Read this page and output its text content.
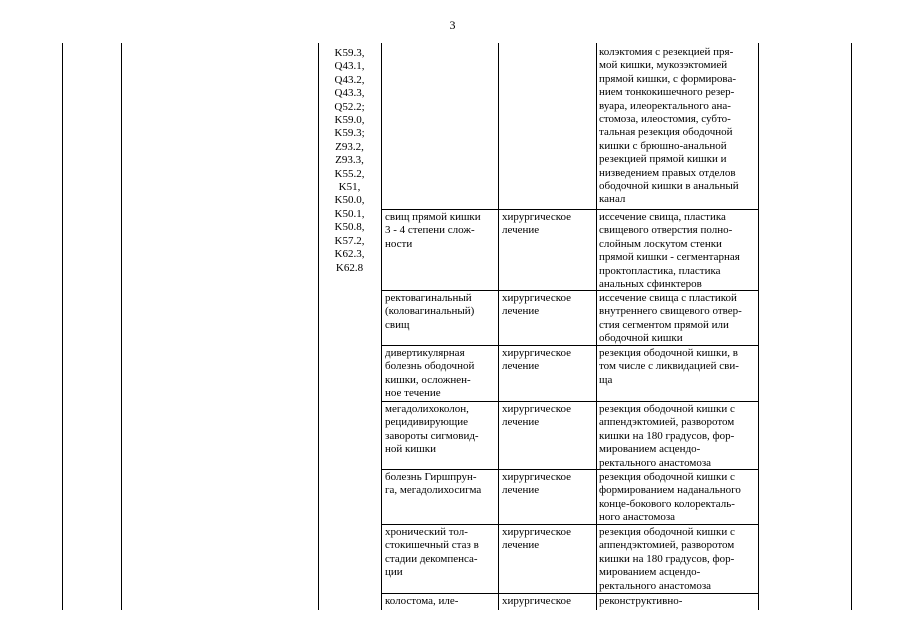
3
K59.3,
Q43.1,
Q43.2,
Q43.3,
Q52.2;
K59.0,
K59.3;
Z93.2,
Z93.3,
K55.2,
K51,
K50.0,
K50.1,
K50.8,
K57.2,
K62.3,
K62.8
колэктомия с резекцией пря-
мой кишки, мукозэктомией
прямой кишки, с формирова-
нием тонкокишечного резер-
вуара, илеоректального ана-
стомоза, илеостомия, субто-
тальная резекция ободочной
кишки с брюшно-анальной
резекцией прямой кишки и
низведением правых отделов
ободочной кишки в анальный
канал
свищ прямой кишки
3 - 4 степени слож-
ности
хирургическое
лечение
иссечение свища, пластика
свищевого отверстия полно-
слойным лоскутом стенки
прямой кишки - сегментарная
проктопластика, пластика
анальных сфинктеров
ректовагинальный
(коловагинальный)
свищ
хирургическое
лечение
иссечение свища с пластикой
внутреннего свищевого отвер-
стия сегментом прямой или
ободочной кишки
дивертикулярная
болезнь ободочной
кишки, осложнен-
ное течение
хирургическое
лечение
резекция ободочной кишки, в
том числе с ликвидацией сви-
ща
мегадолихоколон,
рецидивирующие
завороты сигмовид-
ной кишки
хирургическое
лечение
резекция ободочной кишки с
аппендэктомией, разворотом
кишки на 180 градусов, фор-
мированием асцендо-
ректального анастомоза
болезнь Гиршпрун-
га, мегадолихосигма
хирургическое
лечение
резекция ободочной кишки с
формированием наданального
конце-бокового колоректаль-
ного анастомоза
хронический тол-
стокишечный стаз в
стадии декомпенса-
ции
хирургическое
лечение
резекция ободочной кишки с
аппендэктомией, разворотом
кишки на 180 градусов, фор-
мированием асцендо-
ректального анастомоза
колостома, иле-	хирургическое	реконструктивно-
